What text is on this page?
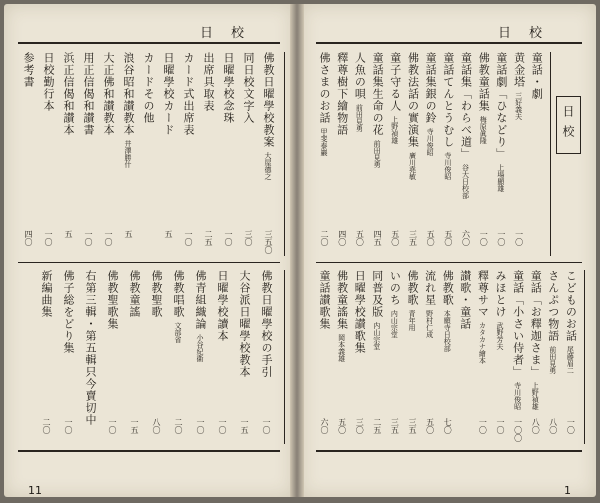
日校	日校
日校
佛教日曜學校教案大屋德之
三五〇
同日校文字入
三〇
日曜學校念珠
一〇
出席具取表
二五
カード式出席表
一〇
日曜學校カード
五
カードその他
浪谷昭和讃教本井澤勝什
五
大正佛和讃教本
一〇
用正信偈和讃書
一〇
浜正信偈和讃本
五
日校勤行本
一〇
参考書
四〇
佛教日曜學校の手引
一〇
大谷派日曜學校教本
一五
日曜學校讀本
一〇
佛青組織論小谷紀衞
一〇
佛教唱歌文部省
二〇
佛教聖歌
八〇
佛教童謠
一五
佛教聖歌集
一〇
右第三輯・第五輯只今賣切中
佛子総をどり集
一〇
新編曲集
二〇
童話・劇
黄金塔三好義夫
一〇
童話劇「ひなどり」上場顯雄
一〇
佛教童話集梅原眞隆
一〇
童話集「わらべ道」谷大日校部
六〇
童話てんとうむし寺川俊昭
五〇
童話集銀の鈴寺川俊昭
五〇
佛教法話の實演集廣川堯敏
三五
童子守る人上野禎雄
五〇
童話集生命の花前田見勇
四五
人魚の唄前田見勇
五〇
釋尊樹下繪物語
四〇
佛さまのお話甲斐泰巖
二〇
こどものお話尾藤眉二
一〇
さんぷつ物語前田見勇
八〇
童話「お釋迦さま」上野禎雄
八〇
童話「小さい侍者」寺川俊昭
一〇〇
みほとけ武野芳夫
一〇
釋尊サマカタカナ繪本
一〇
讃歌・童話
佛教歌本願寺日校部
七〇
流れ星野村仁成
五〇
佛教歌青年用
三五
いのち内山宗堂
三五
同普及版内山宗堂
二五
日曜學校讃歌集
三〇
佛教童謠集岡本義雄
五〇
童話讃歌集
六〇
11	1
